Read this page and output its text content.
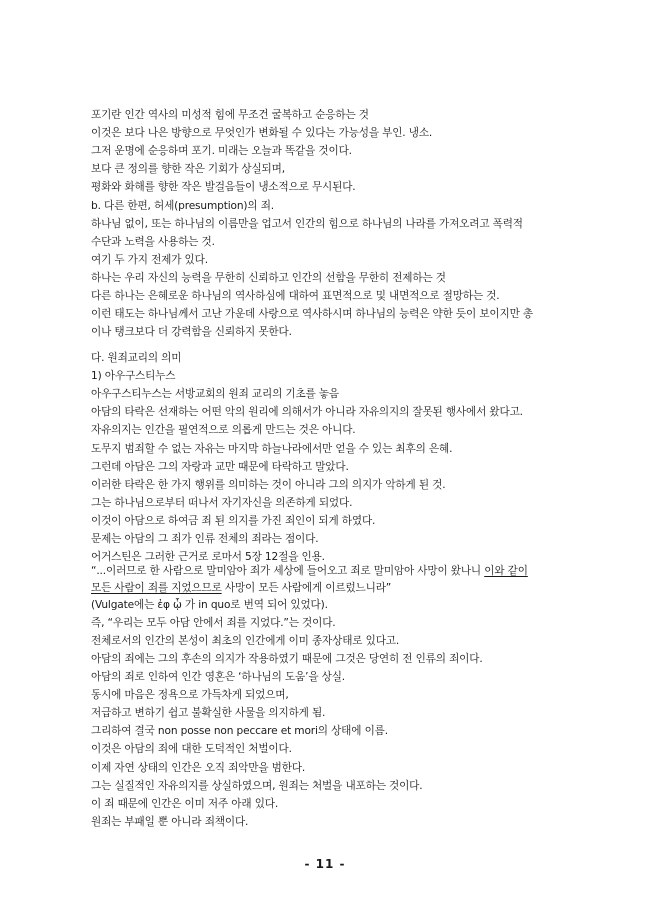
포기란 인간 역사의 미성적 힘에 무조건 굴복하고 순응하는 것
이것은 보다 나은 방향으로 무엇인가 변화될 수 있다는 가능성을 부인. 냉소.
그저 운명에 순응하며 포기. 미래는 오늘과 똑같을 것이다.
보다 큰 정의를 향한 작은 기회가 상실되며,
평화와 화해를 향한 작은 발걸음들이 냉소적으로 무시된다.
b. 다른 한편, 허세(presumption)의 죄.
하나님 없이, 또는 하나님의 이름만을 업고서 인간의 힘으로 하나님의 나라를 가져오려고 폭력적
수단과 노력을 사용하는 것.
여기 두 가지 전제가 있다.
하나는 우리 자신의 능력을 무한히 신뢰하고 인간의 선함을 무한히 전제하는 것
다른 하나는 은혜로운 하나님의 역사하심에 대하여 표면적으로 및 내면적으로 절망하는 것.
이런 태도는 하나님께서 고난 가운데 사랑으로 역사하시며 하나님의 능력은 약한 듯이 보이지만 총
이나 탱크보다 더 강력함을 신뢰하지 못한다.
다. 원죄교리의 의미
1) 아우구스티누스
아우구스티누스는 서방교회의 원죄 교리의 기초를 놓음
아담의 타락은 선재하는 어떤 악의 원리에 의해서가 아니라 자유의지의 잘못된 행사에서 왔다고.
자유의지는 인간을 필연적으로 의롭게 만드는 것은 아니다.
도무지 범죄할 수 없는 자유는 마지막 하늘나라에서만 얻을 수 있는 최후의 은혜.
그런데 아담은 그의 자랑과 교만 때문에 타락하고 말았다.
이러한 타락은 한 가지 행위를 의미하는 것이 아니라 그의 의지가 악하게 된 것.
그는 하나님으로부터 떠나서 자기자신을 의존하게 되었다.
이것이 아담으로 하여금 죄 된 의지를 가진 죄인이 되게 하였다.
문제는 아담의 그 죄가 인류 전체의 죄라는 점이다.
어거스틴은 그러한 근거로 로마서 5장 12절을 인용.
(Vulgate에는 ἐφ ᾧ 가 in quo로 번역 되어 있었다).
즉, “우리는 모두 아담 안에서 죄를 지었다.”는 것이다.
전체로서의 인간의 본성이 최초의 인간에게 이미 종자상태로 있다고.
아담의 죄에는 그의 후손의 의지가 작용하였기 때문에 그것은 당연히 전 인류의 죄이다.
아담의 죄로 인하여 인간 영혼은 ‘하나님의 도움’을 상실.
동시에 마음은 정욕으로 가득차게 되었으며,
저급하고 변하기 쉽고 불확실한 사물을 의지하게 됨.
그리하여 결국 non posse non peccare et mori의 상태에 이름.
이것은 아담의 죄에 대한 도덕적인 처벌이다.
이제 자연 상태의 인간은 오직 죄악만을 범한다.
그는 실질적인 자유의지를 상실하였으며, 원죄는 처벌을 내포하는 것이다.
이 죄 때문에 인간은 이미 저주 아래 있다.
원죄는 부패일 뿐 아니라 죄책이다.
“...이러므로 한 사람으로 말미암아 죄가 세상에 들어오고 죄로 말미암아 사망이 왔나니 이와 같이
모든 사람이 죄를 지었으므로 사망이 모든 사람에게 이르렀느니라”
- 11 -
